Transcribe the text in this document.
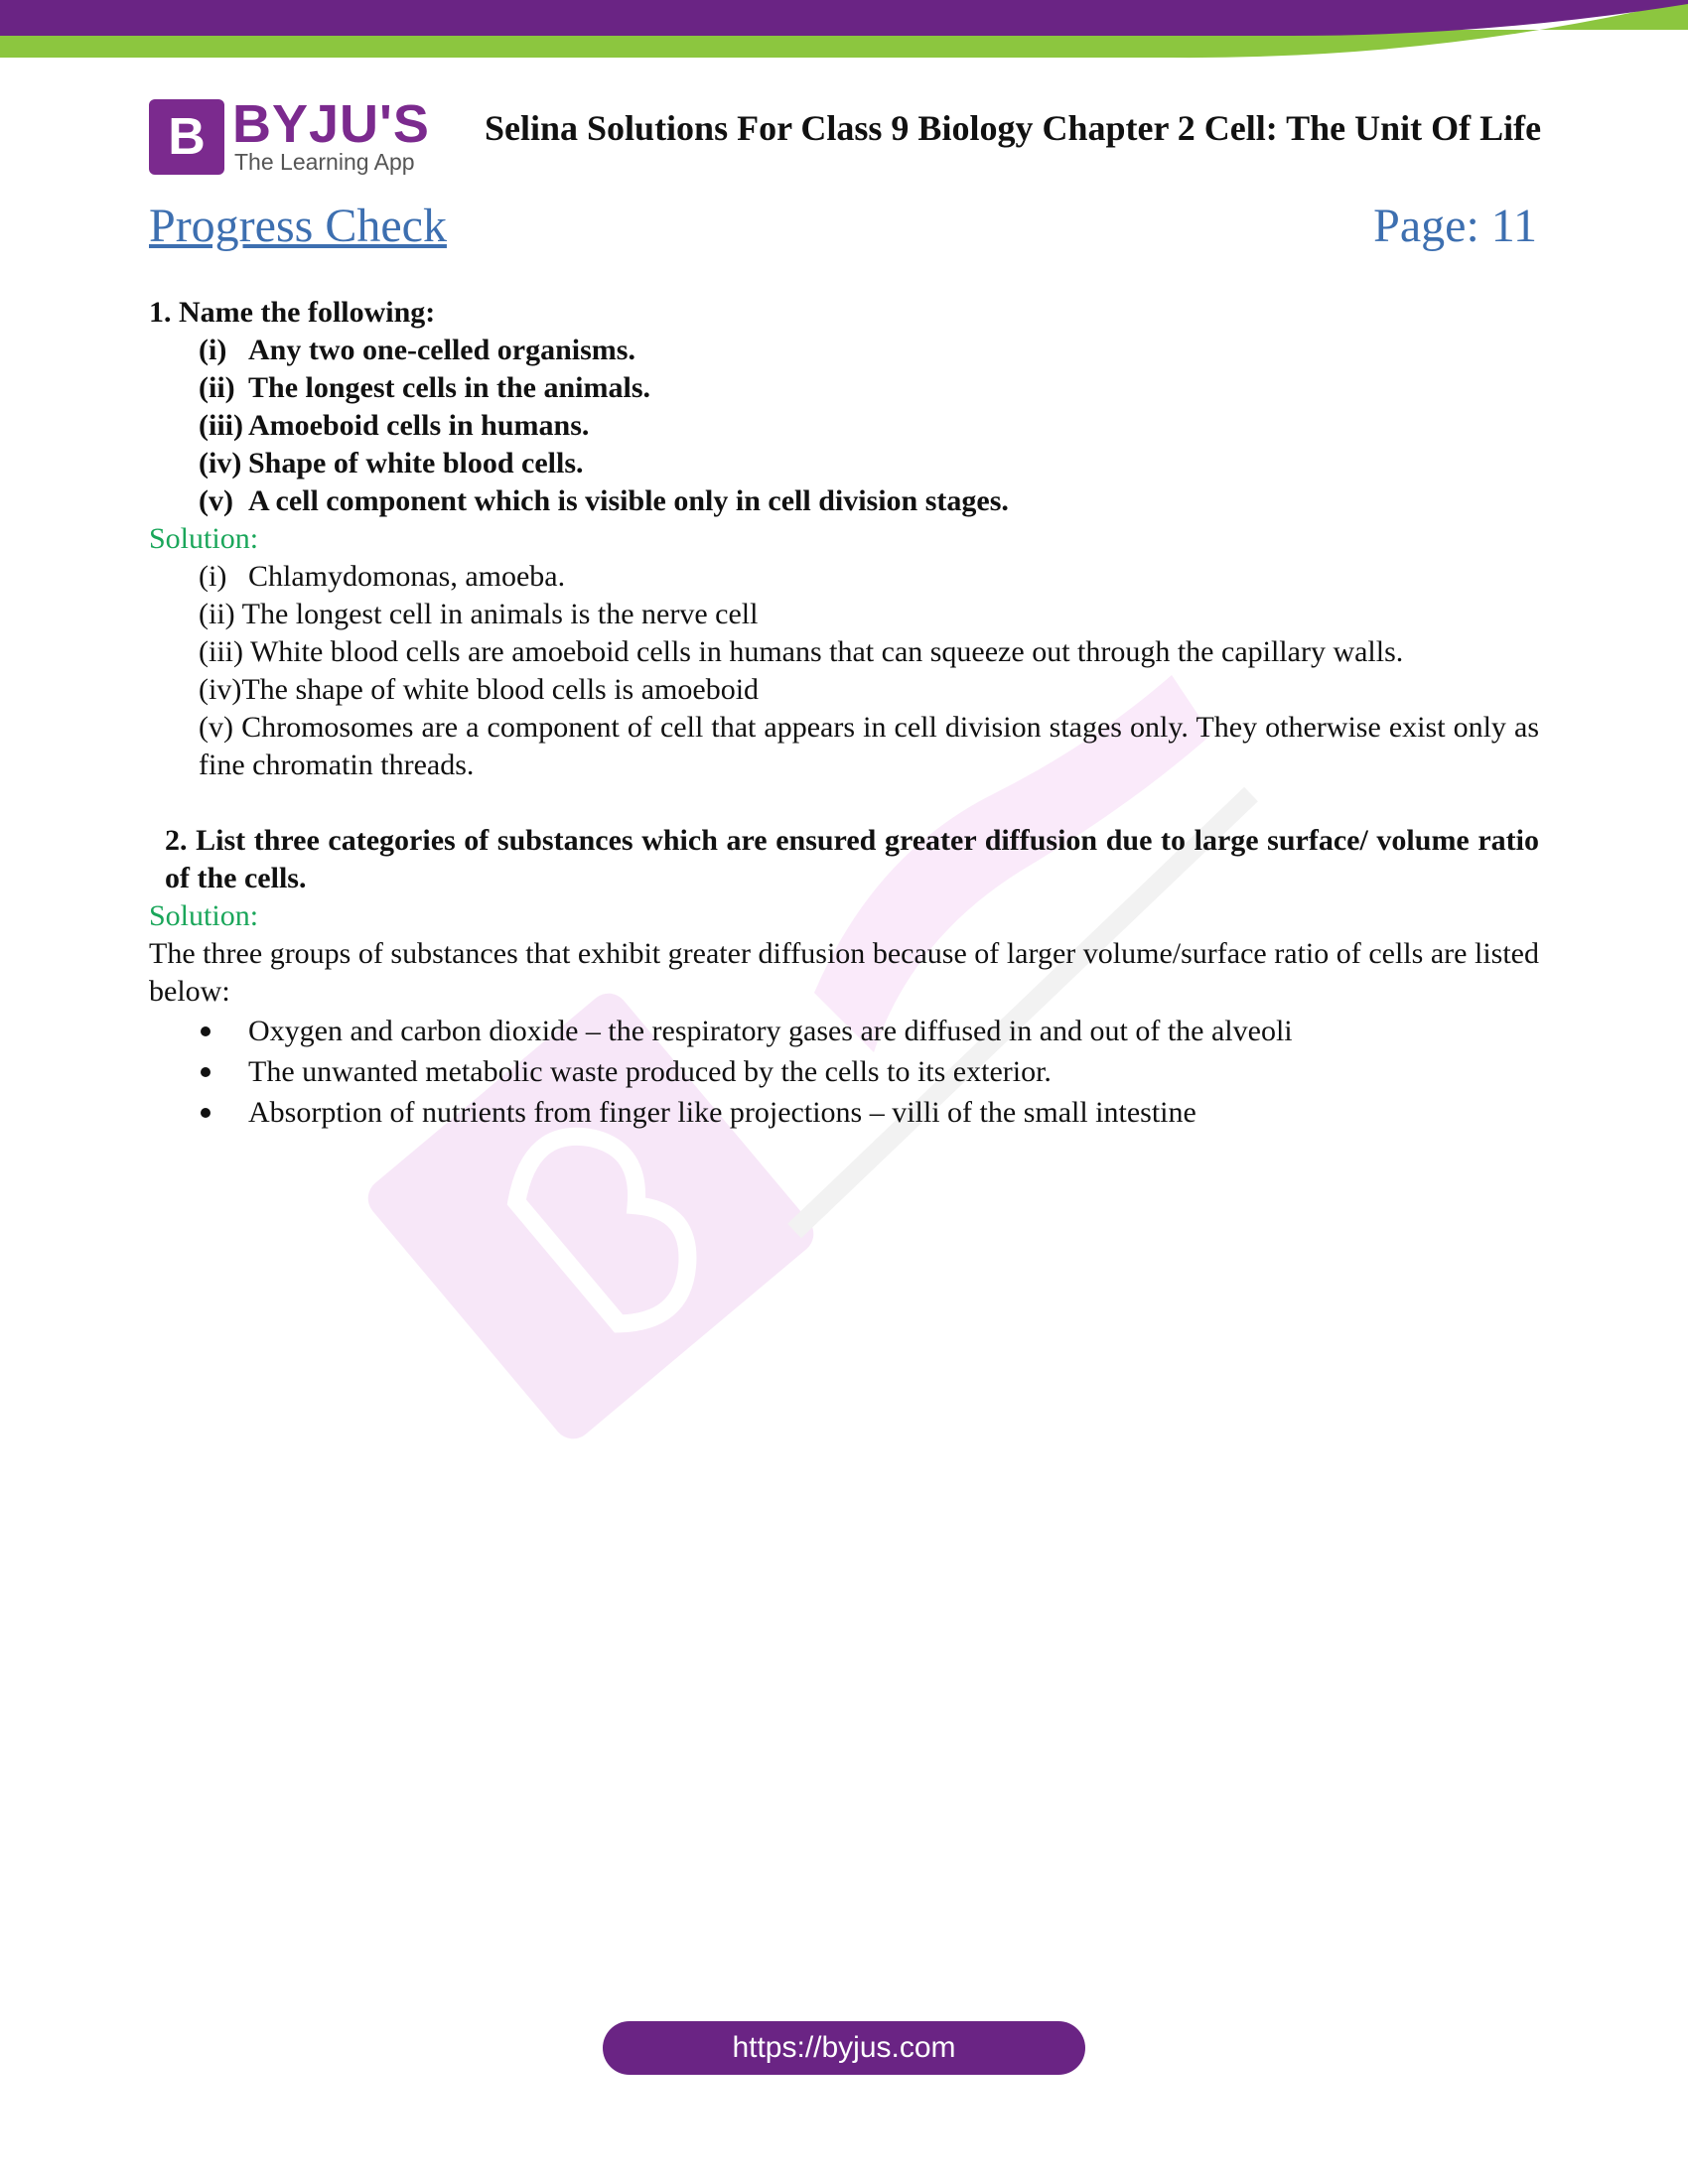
B BYJU'S
The Learning App
Selina Solutions For Class 9 Biology Chapter 2 Cell: The Unit Of Life
Progress Check	Page: 11
1. Name the following:
(i) Any two one-celled organisms.
(ii) The longest cells in the animals.
(iii) Amoeboid cells in humans.
(iv) Shape of white blood cells.
(v) A cell component which is visible only in cell division stages.
Solution:
(i) Chlamydomonas, amoeba.
(ii) The longest cell in animals is the nerve cell
(iii) White blood cells are amoeboid cells in humans that can squeeze out through the capillary walls.
(iv)The shape of white blood cells is amoeboid
(v) Chromosomes are a component of cell that appears in cell division stages only. They otherwise exist only as fine chromatin threads.
2. List three categories of substances which are ensured greater diffusion due to large surface/ volume ratio of the cells.
Solution:
The three groups of substances that exhibit greater diffusion because of larger volume/surface ratio of cells are listed below:
Oxygen and carbon dioxide – the respiratory gases are diffused in and out of the alveoli
The unwanted metabolic waste produced by the cells to its exterior.
Absorption of nutrients from finger like projections – villi of the small intestine
https://byjus.com
